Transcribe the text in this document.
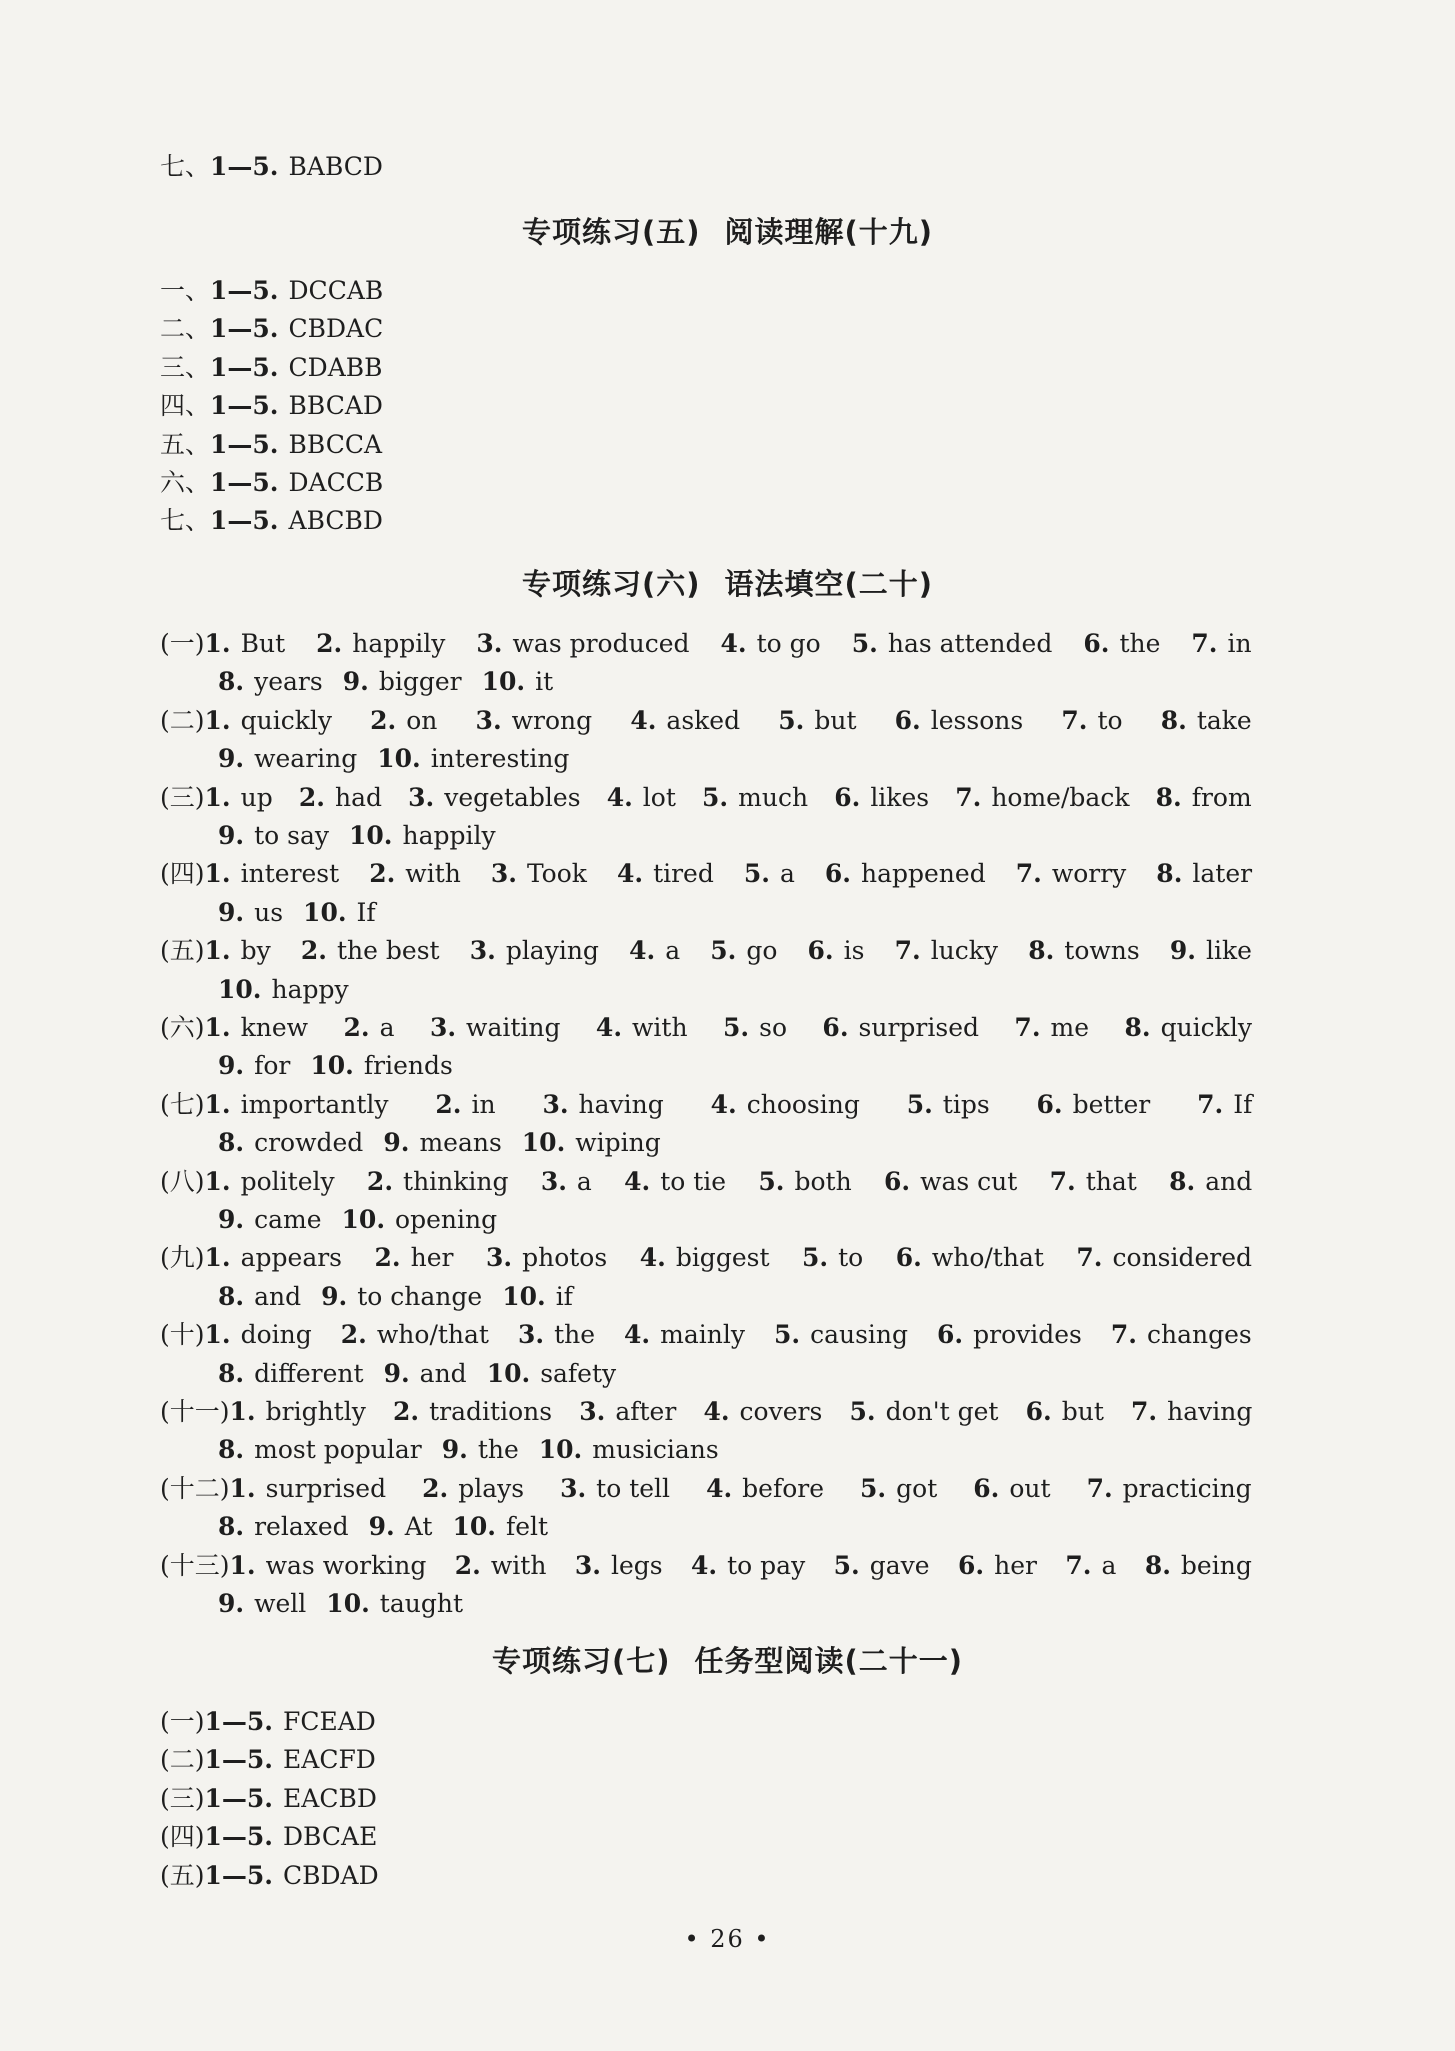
七、1—5. BABCD
专项练习(五) 阅读理解(十九)
一、1—5. DCCAB
二、1—5. CBDAC
三、1—5. CDABB
四、1—5. BBCAD
五、1—5. BBCCA
六、1—5. DACCB
七、1—5. ABCBD
专项练习(六) 语法填空(二十)
(一)1. But 2. happily 3. was produced 4. to go 5. has attended 6. the 7. in
8. years 9. bigger 10. it
(二)1. quickly 2. on 3. wrong 4. asked 5. but 6. lessons 7. to 8. take
9. wearing 10. interesting
(三)1. up 2. had 3. vegetables 4. lot 5. much 6. likes 7. home/back 8. from
9. to say 10. happily
(四)1. interest 2. with 3. Took 4. tired 5. a 6. happened 7. worry 8. later
9. us 10. If
(五)1. by 2. the best 3. playing 4. a 5. go 6. is 7. lucky 8. towns 9. like
10. happy
(六)1. knew 2. a 3. waiting 4. with 5. so 6. surprised 7. me 8. quickly
9. for 10. friends
(七)1. importantly 2. in 3. having 4. choosing 5. tips 6. better 7. If
8. crowded 9. means 10. wiping
(八)1. politely 2. thinking 3. a 4. to tie 5. both 6. was cut 7. that 8. and
9. came 10. opening
(九)1. appears 2. her 3. photos 4. biggest 5. to 6. who/that 7. considered
8. and 9. to change 10. if
(十)1. doing 2. who/that 3. the 4. mainly 5. causing 6. provides 7. changes
8. different 9. and 10. safety
(十一)1. brightly 2. traditions 3. after 4. covers 5. don't get 6. but 7. having
8. most popular 9. the 10. musicians
(十二)1. surprised 2. plays 3. to tell 4. before 5. got 6. out 7. practicing
8. relaxed 9. At 10. felt
(十三)1. was working 2. with 3. legs 4. to pay 5. gave 6. her 7. a 8. being
9. well 10. taught
专项练习(七) 任务型阅读(二十一)
(一)1—5. FCEAD
(二)1—5. EACFD
(三)1—5. EACBD
(四)1—5. DBCAE
(五)1—5. CBDAD
• 26 •
